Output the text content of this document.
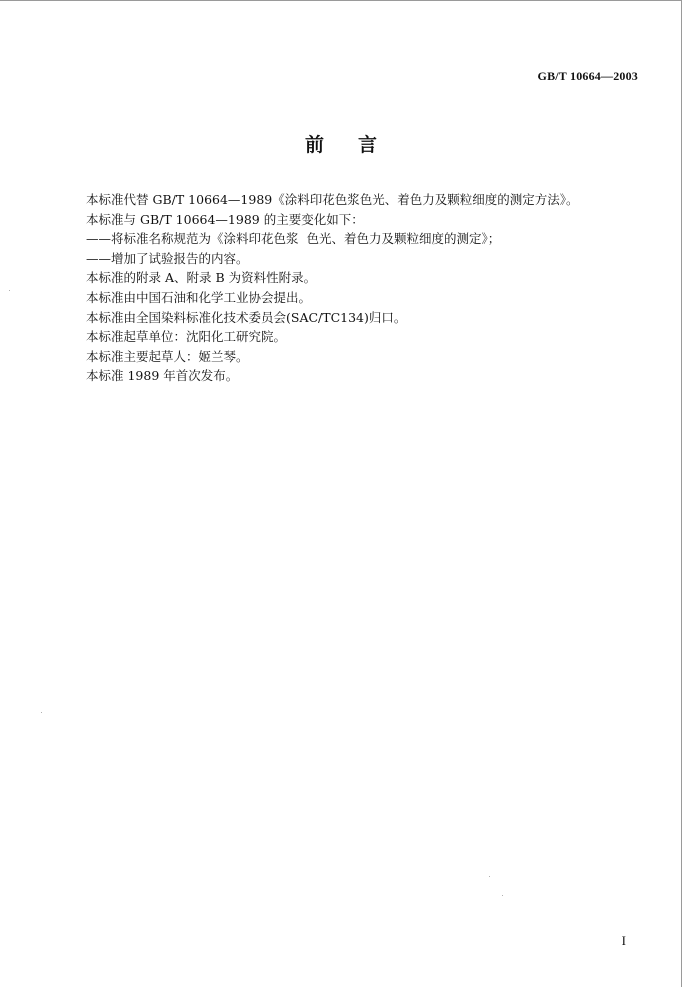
GB/T 10664—2003
前言
本标准代替 GB/T 10664—1989《涂料印花色浆色光、着色力及颗粒细度的测定方法》。
本标准与 GB/T 10664—1989 的主要变化如下：
——将标准名称规范为《涂料印花色浆  色光、着色力及颗粒细度的测定》；
——增加了试验报告的内容。
本标准的附录 A、附录 B 为资料性附录。
本标准由中国石油和化学工业协会提出。
本标准由全国染料标准化技术委员会(SAC/TC134)归口。
本标准起草单位：沈阳化工研究院。
本标准主要起草人：姬兰琴。
本标准 1989 年首次发布。
I
